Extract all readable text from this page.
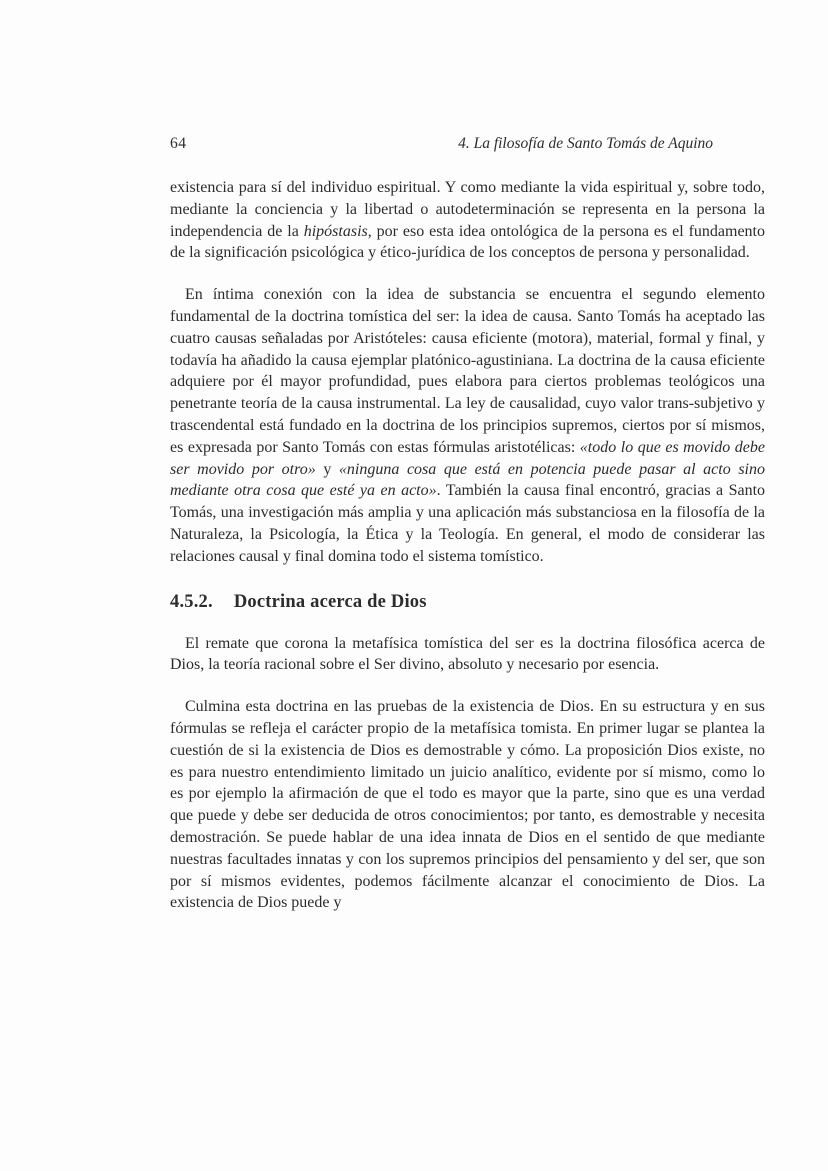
64	4. La filosofía de Santo Tomás de Aquino

existencia para sí del individuo espiritual. Y como mediante la vida espiritual y, sobre todo, mediante la conciencia y la libertad o autodeterminación se representa en la persona la independencia de la hipóstasis, por eso esta idea ontológica de la persona es el fundamento de la significación psicológica y ético-jurídica de los conceptos de persona y personalidad.

En íntima conexión con la idea de substancia se encuentra el segundo elemento fundamental de la doctrina tomística del ser: la idea de causa. Santo Tomás ha aceptado las cuatro causas señaladas por Aristóteles: causa eficiente (motora), material, formal y final, y todavía ha añadido la causa ejemplar platónico-agustiniana. La doctrina de la causa eficiente adquiere por él mayor profundidad, pues elabora para ciertos problemas teológicos una penetrante teoría de la causa instrumental. La ley de causalidad, cuyo valor trans-subjetivo y trascendental está fundado en la doctrina de los principios supremos, ciertos por sí mismos, es expresada por Santo Tomás con estas fórmulas aristotélicas: «todo lo que es movido debe ser movido por otro» y «ninguna cosa que está en potencia puede pasar al acto sino mediante otra cosa que esté ya en acto». También la causa final encontró, gracias a Santo Tomás, una investigación más amplia y una aplicación más substanciosa en la filosofía de la Naturaleza, la Psicología, la Ética y la Teología. En general, el modo de considerar las relaciones causal y final domina todo el sistema tomístico.

4.5.2. Doctrina acerca de Dios

El remate que corona la metafísica tomística del ser es la doctrina filosófica acerca de Dios, la teoría racional sobre el Ser divino, absoluto y necesario por esencia.

Culmina esta doctrina en las pruebas de la existencia de Dios. En su estructura y en sus fórmulas se refleja el carácter propio de la metafísica tomista. En primer lugar se plantea la cuestión de si la existencia de Dios es demostrable y cómo. La proposición Dios existe, no es para nuestro entendimiento limitado un juicio analítico, evidente por sí mismo, como lo es por ejemplo la afirmación de que el todo es mayor que la parte, sino que es una verdad que puede y debe ser deducida de otros conocimientos; por tanto, es demostrable y necesita demostración. Se puede hablar de una idea innata de Dios en el sentido de que mediante nuestras facultades innatas y con los supremos principios del pensamiento y del ser, que son por sí mismos evidentes, podemos fácilmente alcanzar el conocimiento de Dios. La existencia de Dios puede y
